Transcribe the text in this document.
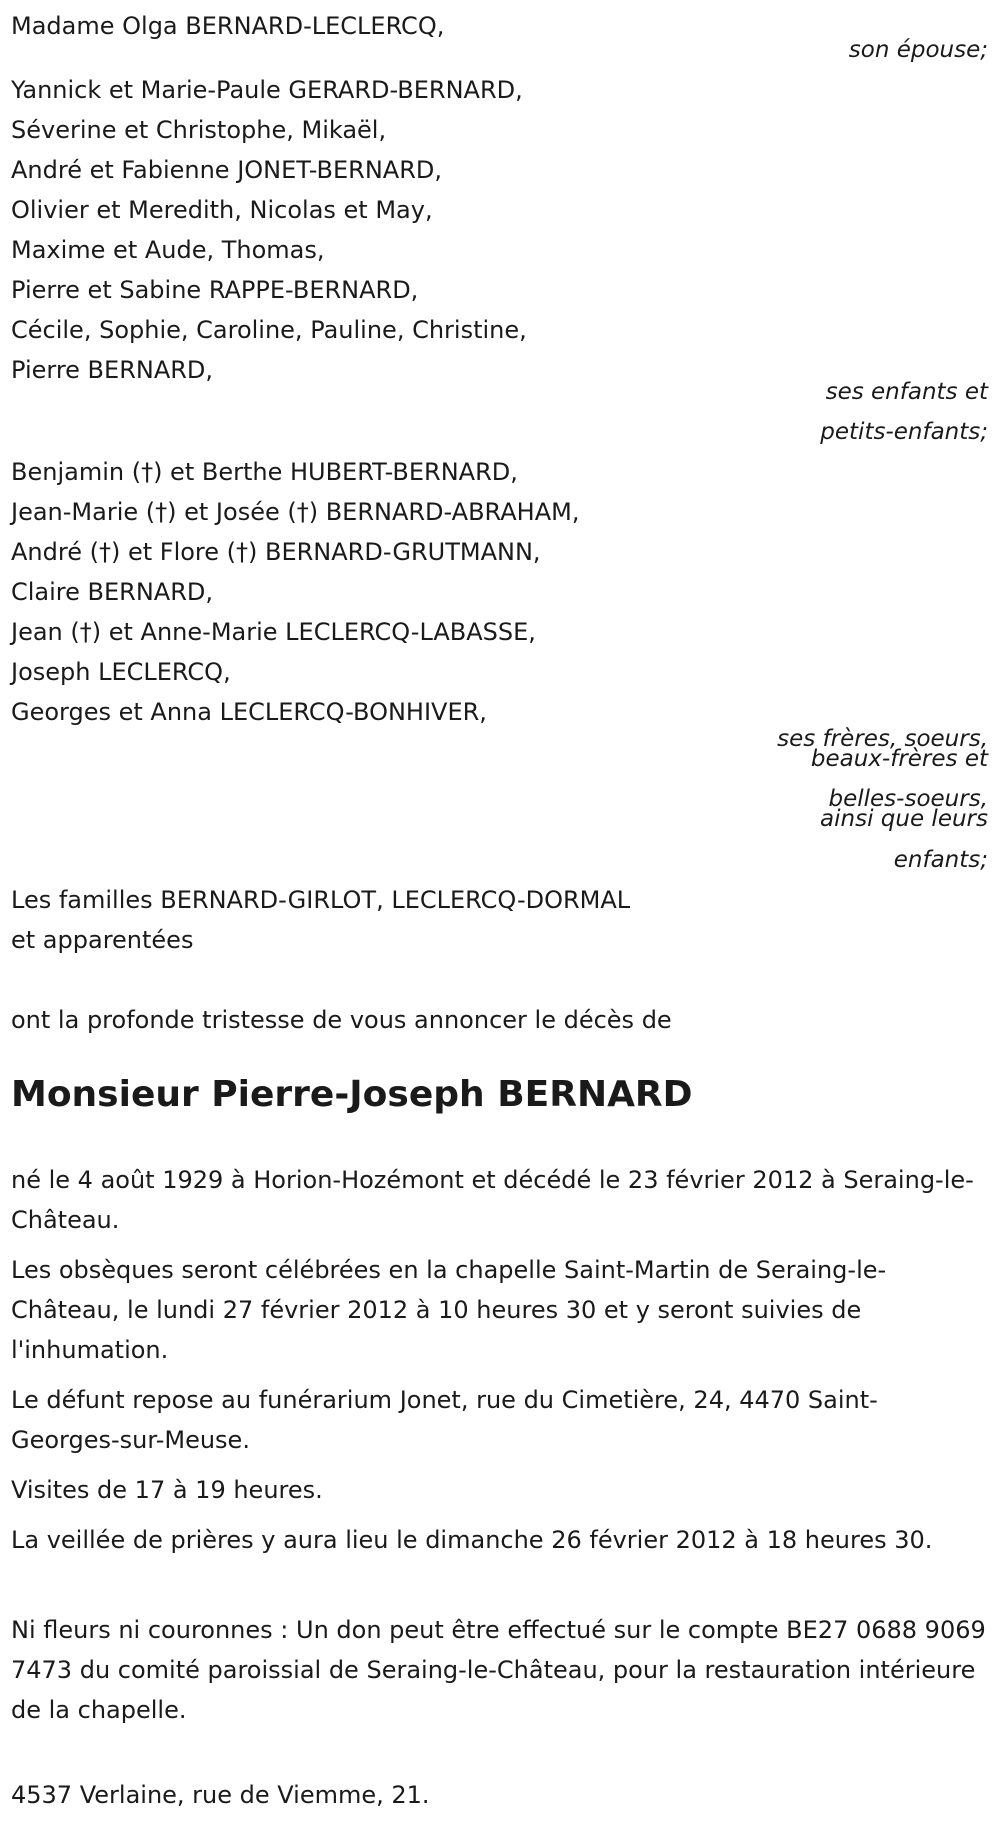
Madame Olga BERNARD-LECLERCQ,

son épouse;

Yannick et Marie-Paule GERARD-BERNARD,

Séverine et Christophe, Mikaël,

André et Fabienne JONET-BERNARD,

Olivier et Meredith, Nicolas et May,

Maxime et Aude, Thomas,

Pierre et Sabine RAPPE-BERNARD,

Cécile, Sophie, Caroline, Pauline, Christine,

Pierre BERNARD,

ses enfants et

petits-enfants;

Benjamin (†) et Berthe HUBERT-BERNARD,

Jean-Marie (†) et Josée (†) BERNARD-ABRAHAM,

André (†) et Flore (†) BERNARD-GRUTMANN,

Claire BERNARD,

Jean (†) et Anne-Marie LECLERCQ-LABASSE,

Joseph LECLERCQ,

Georges et Anna LECLERCQ-BONHIVER,

ses frères, soeurs,

beaux-frères et

belles-soeurs,

ainsi que leurs

enfants;

Les familles BERNARD-GIRLOT, LECLERCQ-DORMAL

et apparentées

ont la profonde tristesse de vous annoncer le décès de

Monsieur Pierre-Joseph BERNARD

né le 4 août 1929 à Horion-Hozémont et décédé le 23 février 2012 à Seraing-le-Château.

Les obsèques seront célébrées en la chapelle Saint-Martin de Seraing-le-Château, le lundi 27 février 2012 à 10 heures 30 et y seront suivies de l'inhumation.

Le défunt repose au funérarium Jonet, rue du Cimetière, 24, 4470 Saint-Georges-sur-Meuse.

Visites de 17 à 19 heures.

La veillée de prières y aura lieu le dimanche 26 février 2012 à 18 heures 30.

Ni fleurs ni couronnes : Un don peut être effectué sur le compte BE27 0688 9069 7473 du comité paroissial de Seraing-le-Château, pour la restauration intérieure de la chapelle.

4537 Verlaine, rue de Viemme, 21.
